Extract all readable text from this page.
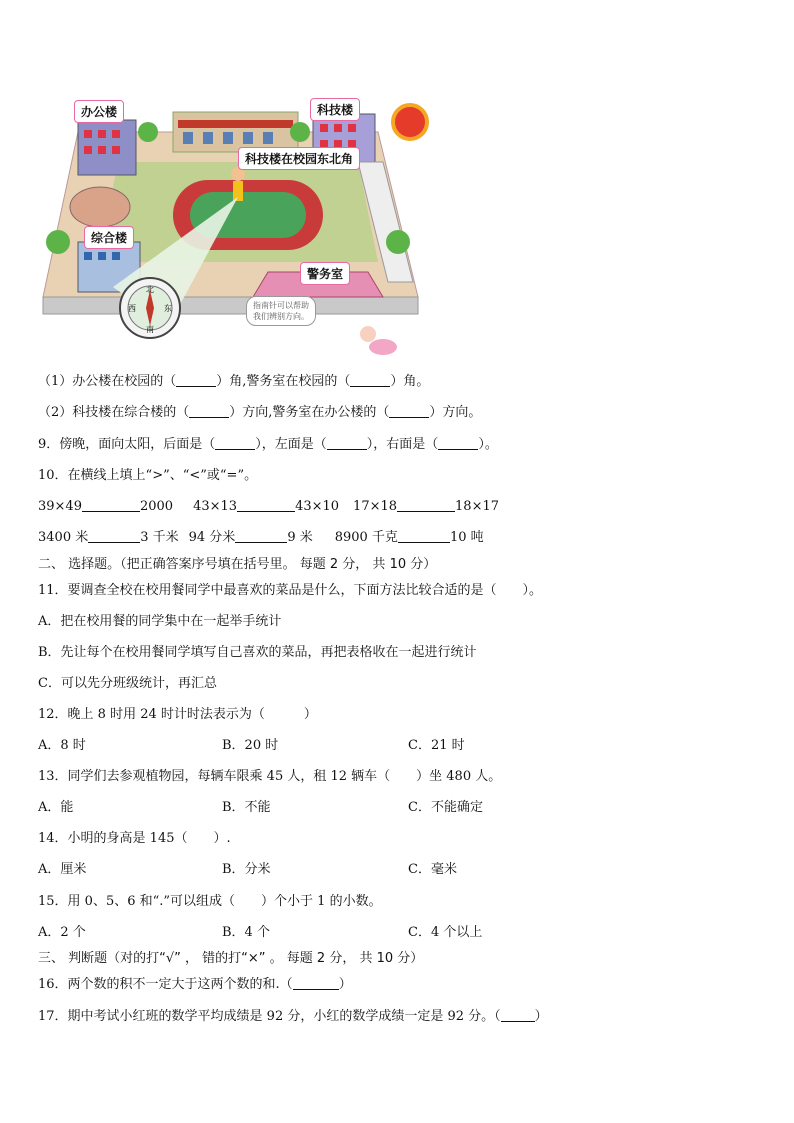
北
东
南
西
办公楼	科技楼
科技楼在校园东北角
综合楼
警务室
指南针可以帮助
我们辨别方向。
（1）办公楼在校园的（	）角,警务室在校园的（	）角。
（2）科技楼在综合楼的（	）方向,警务室在办公楼的（	）方向。
9．傍晚，面向太阳，后面是（	），左面是（	），右面是（	）。
10．在横线上填上“>”、“<”或“=”。
39×49	2000 43×13	43×10 17×18	18×17
3400 米	3 千米 94 分米	9 米 8900 千克	10 吨
二、 选择题。（把正确答案序号填在括号里。 每题 2 分， 共 10 分）
11．要调查全校在校用餐同学中最喜欢的菜品是什么，下面方法比较合适的是（　　）。
A．把在校用餐的同学集中在一起举手统计
B．先让每个在校用餐同学填写自己喜欢的菜品，再把表格收在一起进行统计
C．可以先分班级统计，再汇总
12．晚上 8 时用 24 时计时法表示为（　　　）
A．8 时	B．20 时	C．21 时
13．同学们去参观植物园，每辆车限乘 45 人，租 12 辆车（　　）坐 480 人。
A．能	B．不能	C．不能确定
14．小明的身高是 145（　　）.
A．厘米	B．分米	C．毫米
15．用 0、5、6 和“.”可以组成（　　）个小于 1 的小数。
A．2 个	B．4 个	C．4 个以上
三、 判断题（对的打“√” ， 错的打“×” 。 每题 2 分， 共 10 分）
16．两个数的积不一定大于这两个数的和.（	）
17．期中考试小红班的数学平均成绩是 92 分，小红的数学成绩一定是 92 分。（	）
